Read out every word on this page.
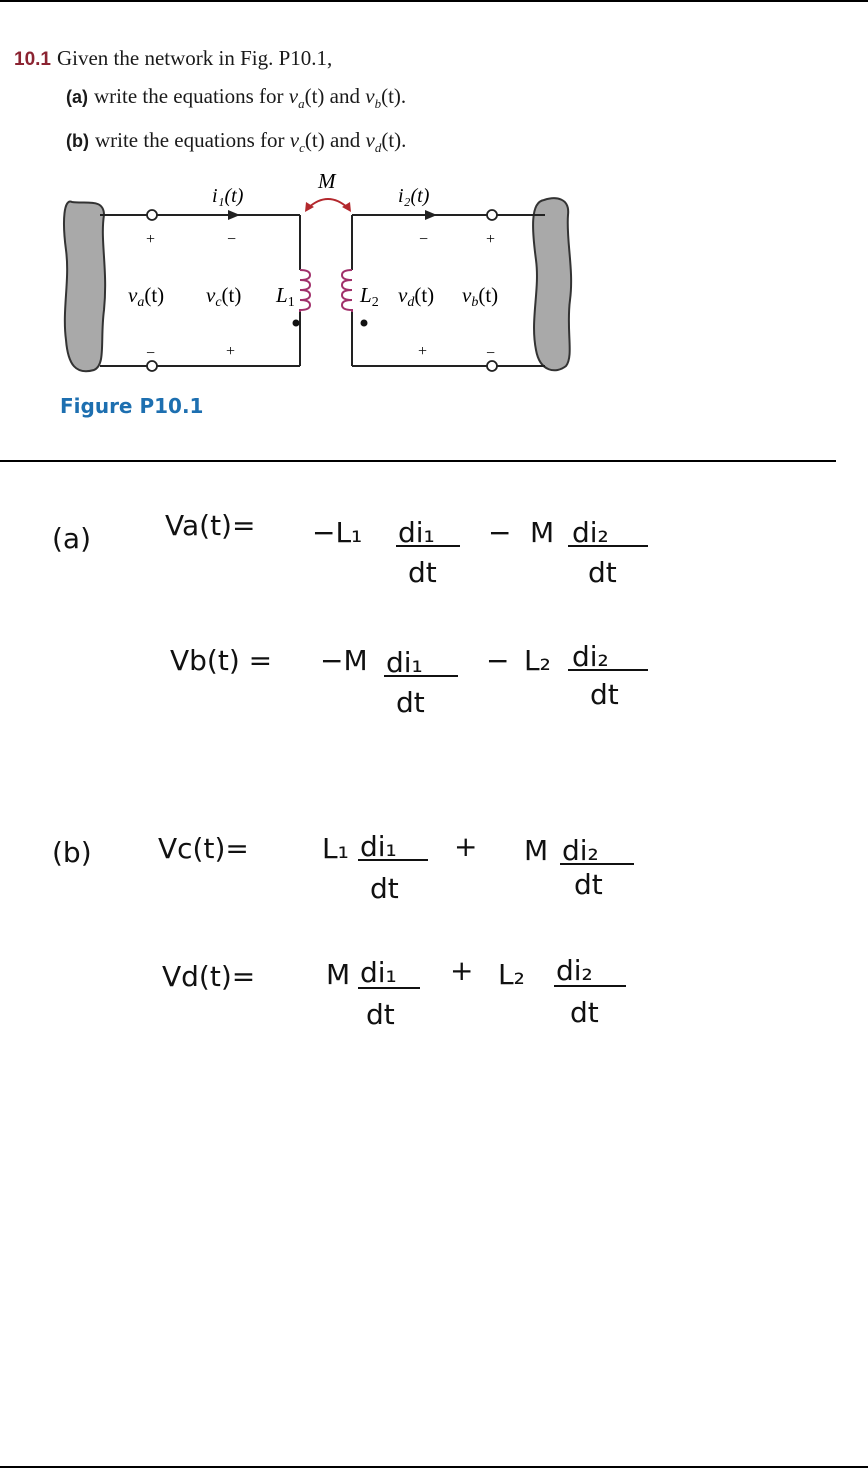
10.1 Given the network in Fig. P10.1,
(a) write the equations for $v_a(t)$ and $v_b(t)$.
(b) write the equations for $v_c(t)$ and $v_d(t)$.
i₁(t)	i₂(t)
M
+	−
−	+
−	+
+	−
va(t) vc(t) L1	L2 vd(t) vb(t)
Figure P10.1
(a)	Va(t)= −L₁ di₁
dt
− M di₂
dt
Vb(t) = −M di₁
dt
− L₂ di₂
dt
(b) Vc(t)=	L₁ di₁
dt
+ M di₂
dt
Vd(t)=	M di₁
dt
+ L₂ di₂
dt
